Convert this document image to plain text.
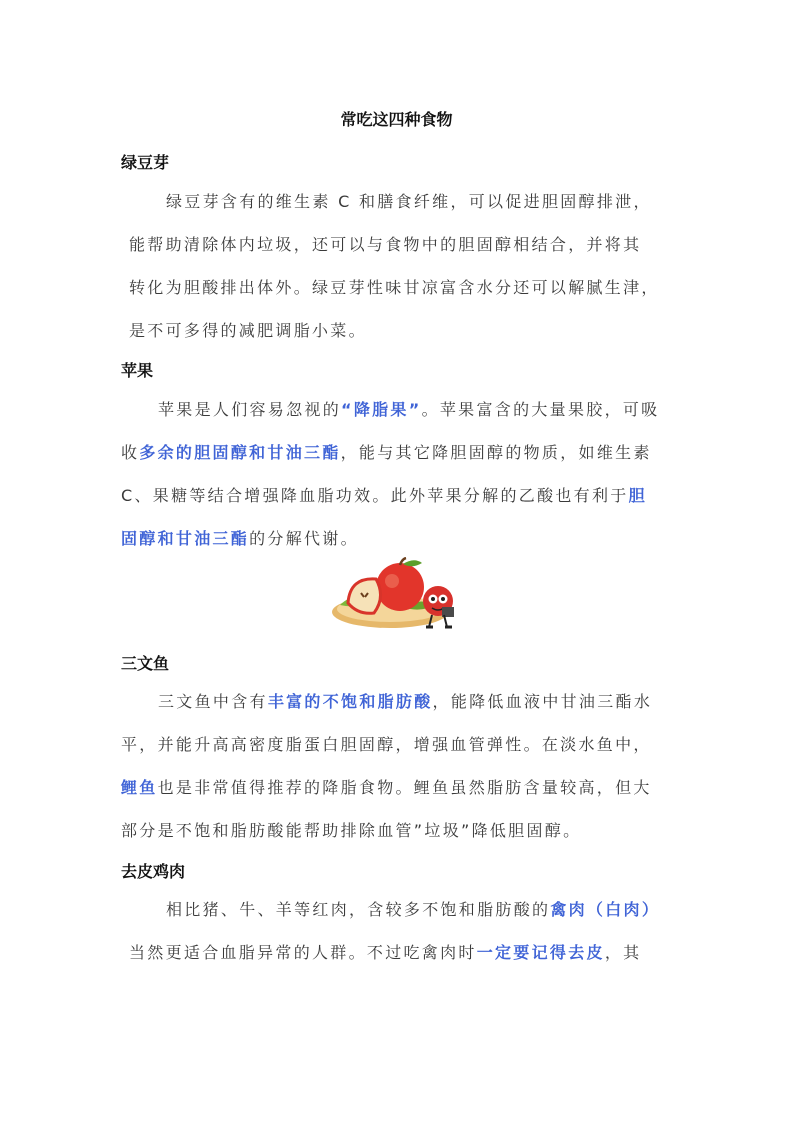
常吃这四种食物
绿豆芽
绿豆芽含有的维生素 C 和膳食纤维，可以促进胆固醇排泄，
能帮助清除体内垃圾，还可以与食物中的胆固醇相结合，并将其
转化为胆酸排出体外。绿豆芽性味甘凉富含水分还可以解腻生津，
是不可多得的减肥调脂小菜。
苹果
苹果是人们容易忽视的“降脂果”。苹果富含的大量果胶，可吸
收多余的胆固醇和甘油三酯，能与其它降胆固醇的物质，如维生素
C、果糖等结合增强降血脂功效。此外苹果分解的乙酸也有利于胆
固醇和甘油三酯的分解代谢。
三文鱼
三文鱼中含有丰富的不饱和脂肪酸，能降低血液中甘油三酯水
平，并能升高高密度脂蛋白胆固醇，增强血管弹性。在淡水鱼中，
鲤鱼也是非常值得推荐的降脂食物。鲤鱼虽然脂肪含量较高，但大
部分是不饱和脂肪酸能帮助排除血管”垃圾”降低胆固醇。
去皮鸡肉
相比猪、牛、羊等红肉，含较多不饱和脂肪酸的禽肉（白肉）
当然更适合血脂异常的人群。不过吃禽肉时一定要记得去皮，其
